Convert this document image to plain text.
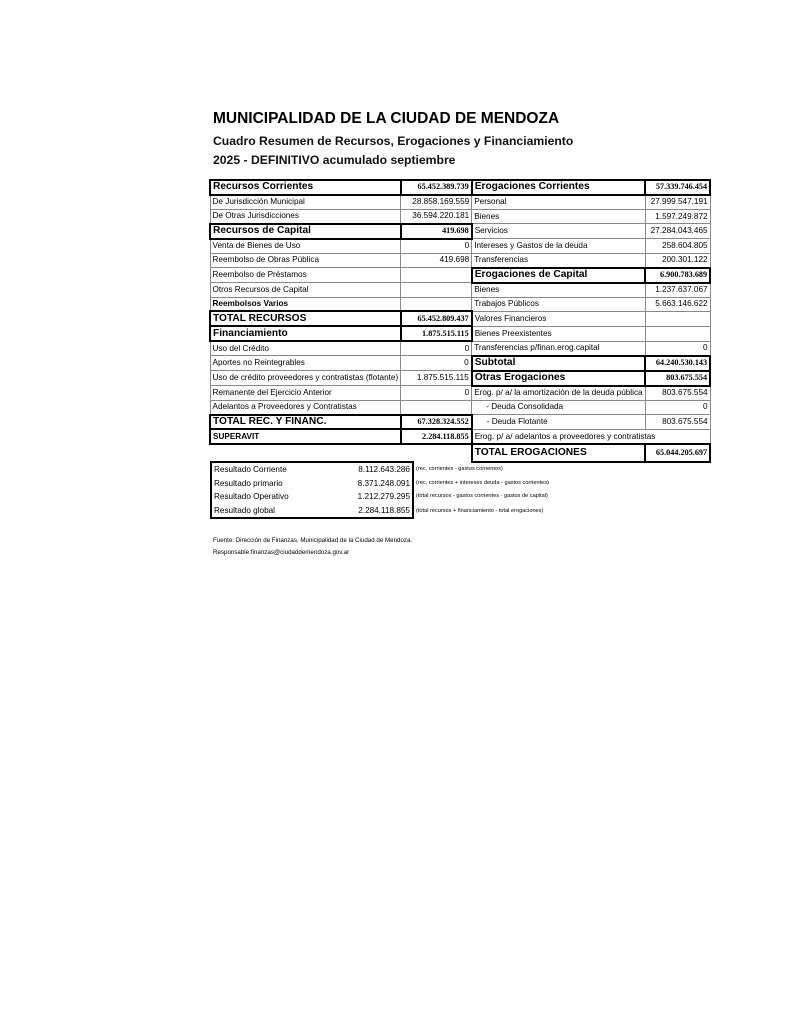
MUNICIPALIDAD DE LA CIUDAD DE MENDOZA
Cuadro Resumen de Recursos, Erogaciones y Financiamiento
2025 - DEFINITIVO acumulado septiembre
Recursos Corrientes	65.452.389.739	Erogaciones Corrientes	57.339.746.454
De Jurisdicción Municipal	28.858.169.559	Personal	27.999.547.191
De Otras Jurisdicciones	36.594.220.181	Bienes	1.597.249.872
Recursos de Capital	419.698	Servicios	27.284.043.465
Venta de Bienes de Uso	0	Intereses y Gastos de la deuda	258.604.805
Reembolso de Obras Pública	419.698	Transferencias	200.301.122
Reembolso de Préstamos		Erogaciones de Capital	6.900.783.689
Otros Recursos de Capital		Bienes	1.237.637.067
Reembolsos Varios		Trabajos Públicos	5.663.146.622
TOTAL RECURSOS	65.452.809.437	Valores Financieros	
Financiamiento	1.875.515.115	Bienes Preexistentes	
Uso del Crédito	0	Transferencias p/finan.erog.capital	0
Aportes no Reintegrables	0	Subtotal	64.240.530.143
Uso de crédito proveedores y contratistas (flotante)	1.875.515.115	Otras Erogaciones	803.675.554
Remanente del Ejercicio Anterior	0	Erog. p/ a/ la amortización de la deuda pública	803.675.554
Adelantos a Proveedores y Contratistas		- Deuda Consolidada	0
TOTAL REC. Y FINANC.	67.328.324.552	- Deuda Flotante	803.675.554
SUPERAVIT	2.284.118.855	Erog. p/ a/ adelantos a proveedores y contratistas	
		TOTAL EROGACIONES	65.044.205.697
Resultado Corriente	8.112.643.286	(rec. corrientes - gastos corrientes)
Resultado primario	8.371.248.091	(rec. corrientes + intereses deuda - gastos corrientes)
Resultado Operativo	1.212.279.295	(total recursos - gastos corrientes - gastos de capital)
Resultado global	2.284.118.855	(total recursos + financiamiento - total erogaciones)
Fuente: Dirección de Finanzas. Municipalidad de la Ciudad de Mendoza.
Responsable:finanzas@ciudaddemendoza.gov.ar
